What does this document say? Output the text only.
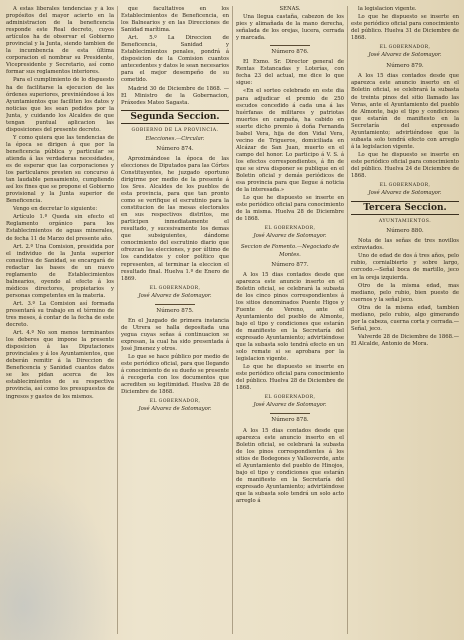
A estas liberales tendencias y á los propósitos del mayor acierto en la administracion de la beneficencia responde este Real decreto, cuyos artículos ha de observar el Gobierno provincial y la Junta, siendo tambien de la incumbencia de esta última corporacion el nombrar su Presidente, Vicepresidente y Secretario, así como formar sus reglamentos interiores.

Para el cumplimiento de lo dispuesto ha de facilitarse la ejecucion de las órdenes superiores, previniéndose á los Ayuntamientos que faciliten los datos y noticias que les sean pedidos por la Junta, y cuidando los Alcaldes de que tengan puntual aplicacion las disposiciones del presente decreto.

Y como quiera que las tendencias de la época se dirigen á que por la beneficencia pública y particular se atienda á las verdaderas necesidades, es de esperar que las corporaciones y los particulares presten su concurso á tan laudable pensamiento, cumpliendo así los fines que se propone el Gobierno provisional y la Junta superior de Beneficencia.

Vengo en decretar lo siguiente:

Artículo 1.º Queda sin efecto el Reglamento orgánico para los Establecimientos de aguas minerales, de fecha 11 de Marzo del presente año.

Art. 2.º Una Comision, presidida por el individuo de la Junta superior consultiva de Sanidad, se encargará de redactar las bases de un nuevo reglamento de Establecimientos balnearios, oyendo al efecto á los médicos directores, propietarios y personas competentes en la materia.

Art. 3.º La Comision así formada presentará su trabajo en el término de tres meses, á contar de la fecha de este decreto.

Art. 4.º No son menos terminantes los deberes que impone la presente disposicion á las Diputaciones provinciales y á los Ayuntamientos, que deberán remitir á la Direccion de Beneficencia y Sanidad cuantos datos se les pidan acerca de los establecimientos de su respectiva provincia, así como los presupuestos de ingresos y gastos de los mismos.

que facultativos en los Establecimientos de Beneficencia, en los Balnearios y en las Direcciones de Sanidad marítima.

Art. 5.º La Direccion de Beneficencia, Sanidad y Establecimientos penales, pondrá á disposicion de la Comision cuantos antecedentes y datos le sean necesarios para el mejor desempeño de su cometido.

Madrid 30 de Diciembre de 1868. — El Ministro de la Gobernacion, Práxedes Mateo Sagasta.

Segunda Seccion.

GOBIERNO DE LA PROVINCIA.

Elecciones.—Circular.

Número 874.

Aproximándose la época de las elecciones de Diputados para las Córtes Constituyentes, he juzgado oportuno dirigirme por medio de la presente á los Sres. Alcaldes de los pueblos de esta provincia, para que tan pronto como se verifique el escrutinio para la constitucion de las mesas electorales en sus respectivos distritos, me participen inmediatamente el resultado, y sucesivamente los demas que subsiguientes, dándome conocimiento del escrutinio diario que ofrezcan las elecciones, y por último de los candidatos y color político que representen, al terminar la eleccion el resultado final. Huelva 1.º de Enero de 1869.

EL GOBERNADOR,

José Alvarez de Sotomayor.

Número 875.

En el Juzgado de primera instancia de Utrera se halla depositada una yegua cuyas señas á continuacion se expresan, la cual ha sido presentada á José Jimenez y otros.

Lo que se hace público por medio de este periódico oficial, para que llegando á conocimiento de su dueño se presente á recogerla con los documentos que acrediten su legitimidad. Huelva 28 de Diciembre de 1868.

EL GOBERNADOR,

José Alvarez de Sotomayor.

SEÑAS.

Una llegua castaña, cabezon de los pies y alimañada de la mano derecha, señalada de los orejas, lucera, cerrada y marcada.

Número 876.

El Exmo. Sr. Director general de Rentas Estancadas y Loterías, con fecha 23 del actual, me dice lo que sigue:

«En el sorteo celebrado en este dia para adjudicar el premio de 250 escudos concedido á cada una á las huérfanas de militares y patriotas muertos en campaña, ha cabido en suerte dicho premio á doña Fernanda Isabel Vera, hija de don Vidal Vera, vecino de Trigueros, domiciliada en Alcázar de San Juan, muerto en el campo del honor. Lo participo á V. S. á los efectos correspondientes, á fin de que se sirva disponer se publique en el Boletin oficial y demás periódicos de esa provincia para que llegue á noticia de la interesada.»

Lo que he dispuesto se inserte en este periódico oficial para conocimiento de la misma. Huelva 28 de Diciembre de 1868.

EL GOBERNADOR,

José Alvarez de Sotomayor.

Seccion de Fomento.—Negociado de Montes.

Número 877.

A los 15 dias contados desde que aparezca este anuncio inserto en el Boletin oficial, se celebrará la subasta de los cinco pinos correspondientes á los sitios denominados Puente Higos y Fuente de Vereno, ante el Ayuntamiento del pueblo de Almonte, bajo el tipo y condiciones que estarán de manifiesto en la Secretaría del expresado Ayuntamiento; advirtiéndose que la subasta solo tendrá efecto en un solo remate si se aprobara por la legislacion vigente.

Lo que he dispuesto se inserte en este periódico oficial para conocimiento del público. Huelva 28 de Diciembre de 1868.

EL GOBERNADOR,

José Alvarez de Sotomayor.

Número 878.

A los 15 dias contados desde que aparezca este anuncio inserto en el Boletin oficial, se celebrará la subasta de los pinos correspondientes á los sitios de Bodegones y Valleoverde, ante el Ayuntamiento del pueblo de Hinojos, bajo el tipo y condiciones que estarán de manifiesto en la Secretaría del expresado Ayuntamiento; advirtiéndose que la subasta solo tendrá un solo acto arreglo á

la legislacion vigente.

Lo que he dispuesto se inserte en este periódico oficial para conocimiento del público. Huelva 31 de Diciembre de 1868.

EL GOBERNADOR,

José Alvarez de Sotomayor.

Número 879.

A los 15 dias contados desde que aparezca este anuncio inserto en el Boletin oficial, se celebrará la subasta de treinta pinos del sitio llamado las Veras, ante el Ayuntamiento del pueblo de Almonte, bajo el tipo y condiciones que estarán de manifiesto en la Secretaría del expresado Ayuntamiento; advirtiéndose que la subasta solo tendrá efecto con arreglo á la legislacion vigente.

Lo que he dispuesto se inserte en este periódico oficial para conocimiento del público. Huelva 24 de Diciembre de 1868.

EL GOBERNADOR,

José Alvarez de Sotomayor.

Tercera Seccion.

AYUNTAMIENTOS.

Número 880.

Nota de las señas de tres novillos extraviados.

Uno de edad de dos á tres años, pelo rubio, cornialbierto y sobre largo, corcodo.—Señal boca de martillo, jeco en la oreja izquierda.

Otro de la misma edad, mas mediano, pelo rubio, bien puesto de cuernos y la señal jeco.

Otra de la misma edad, tambien mediano, pelo rubio, algo gimerando por la cabeza, cuerna corta y cerrada.—Señal, jeco.

Valverde 28 de Diciembre de 1868.—El Alcalde, Antonio de Mora.
